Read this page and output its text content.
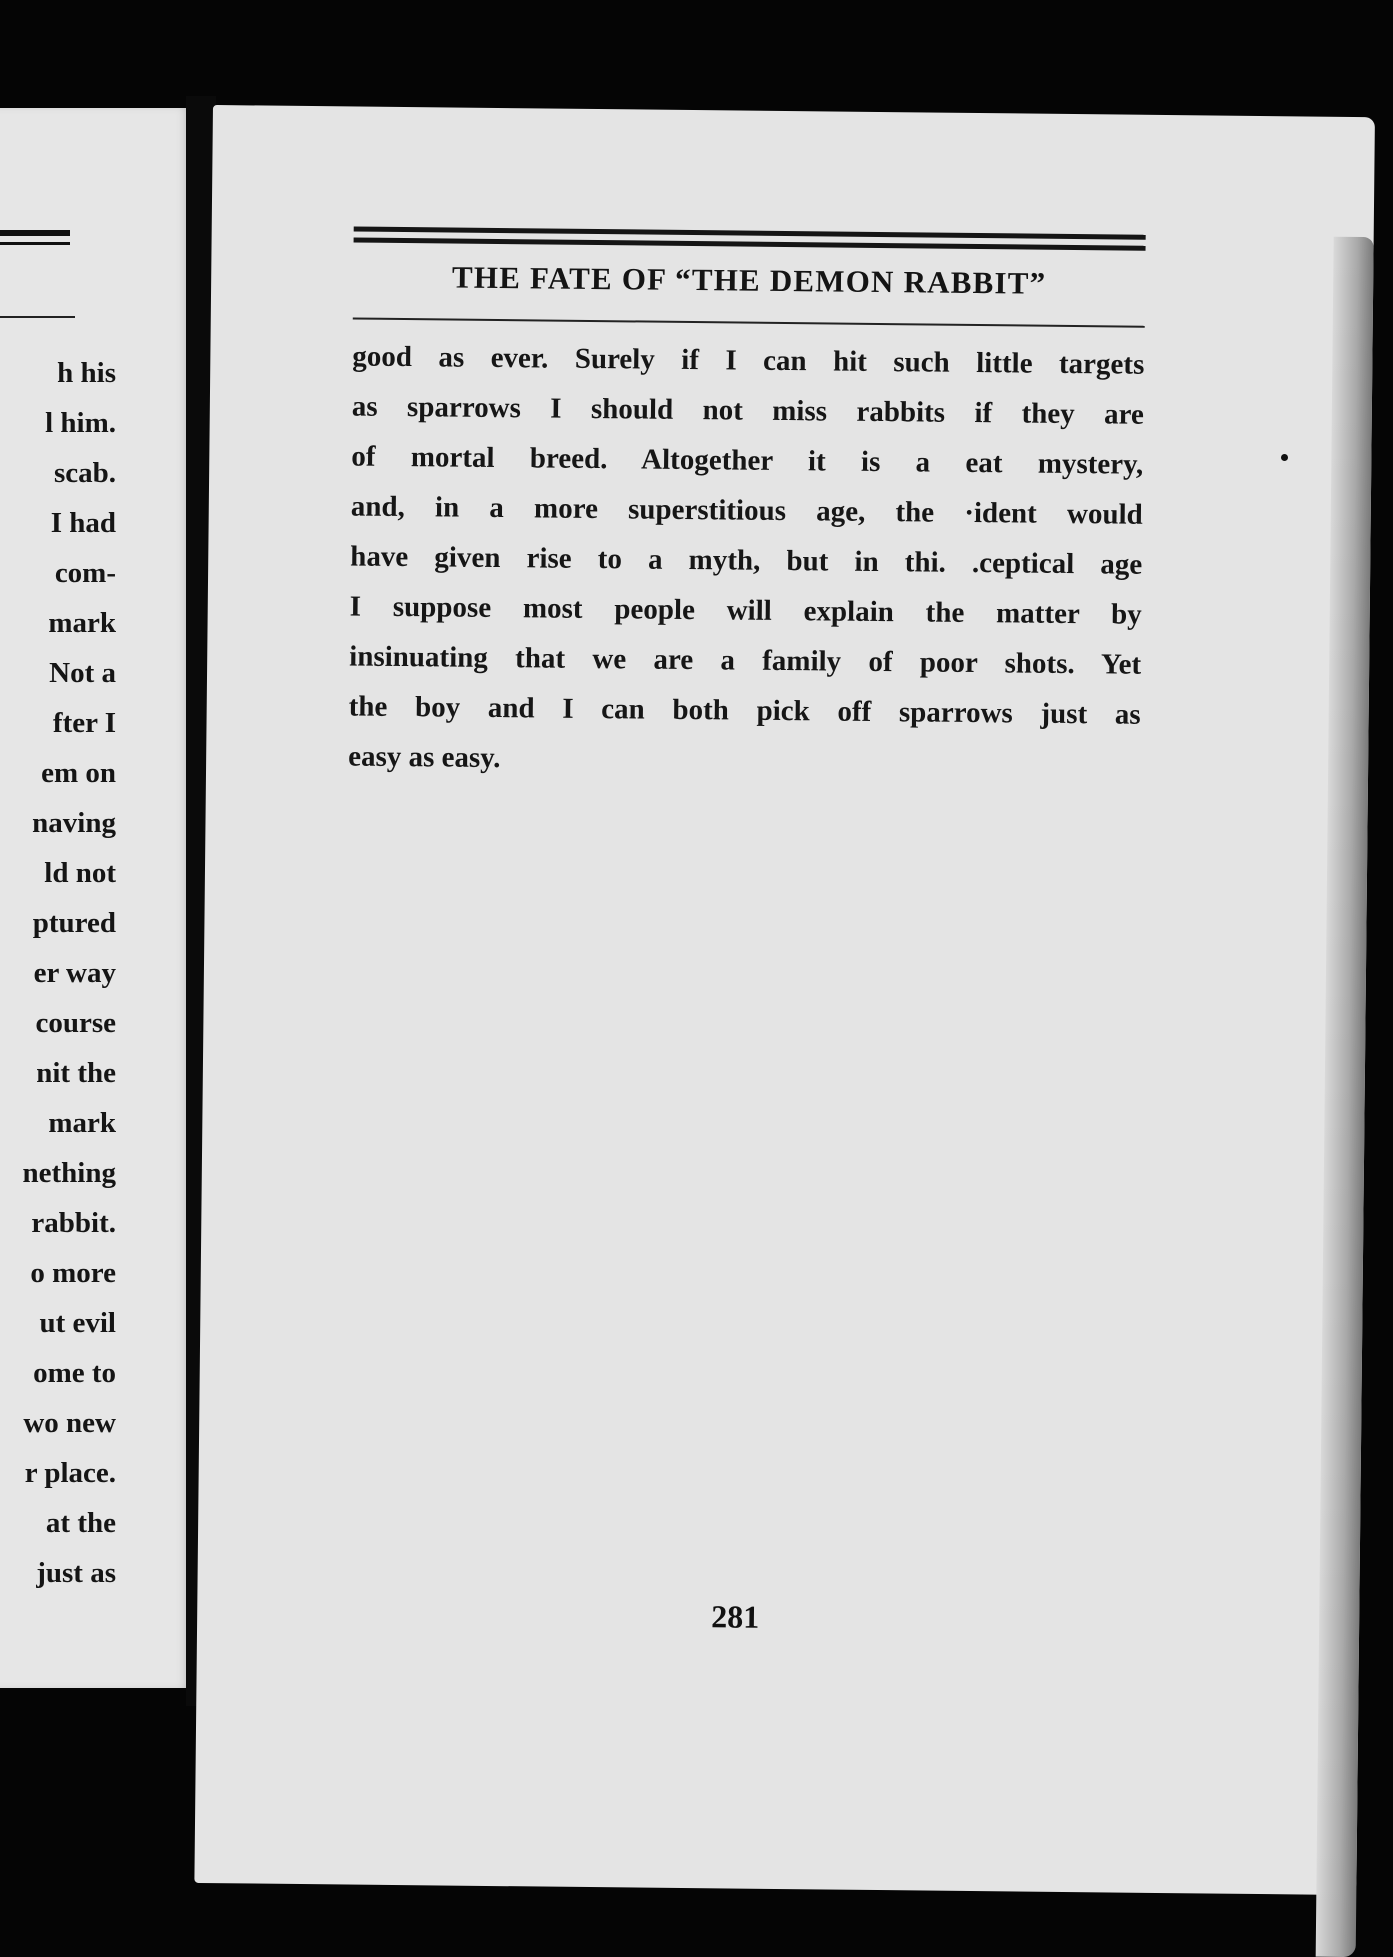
h his
l him.
scab.
I had
com-
mark
Not a
fter I
em on
naving
ld not
ptured
er way
course
nit the
mark
nething
rabbit.
o more
ut evil
ome to
wo new
r place.
at the
just as
THE FATE OF “THE DEMON RABBIT”
good as ever. Surely if I can hit such little targets
as sparrows I should not miss rabbits if they are
of mortal breed. Altogether it is a eat mystery,
and, in a more superstitious age, the ·ident would
have given rise to a myth, but in thi. .ceptical age
I suppose most people will explain the matter by
insinuating that we are a family of poor shots. Yet
the boy and I can both pick off sparrows just as
easy as easy.
281
